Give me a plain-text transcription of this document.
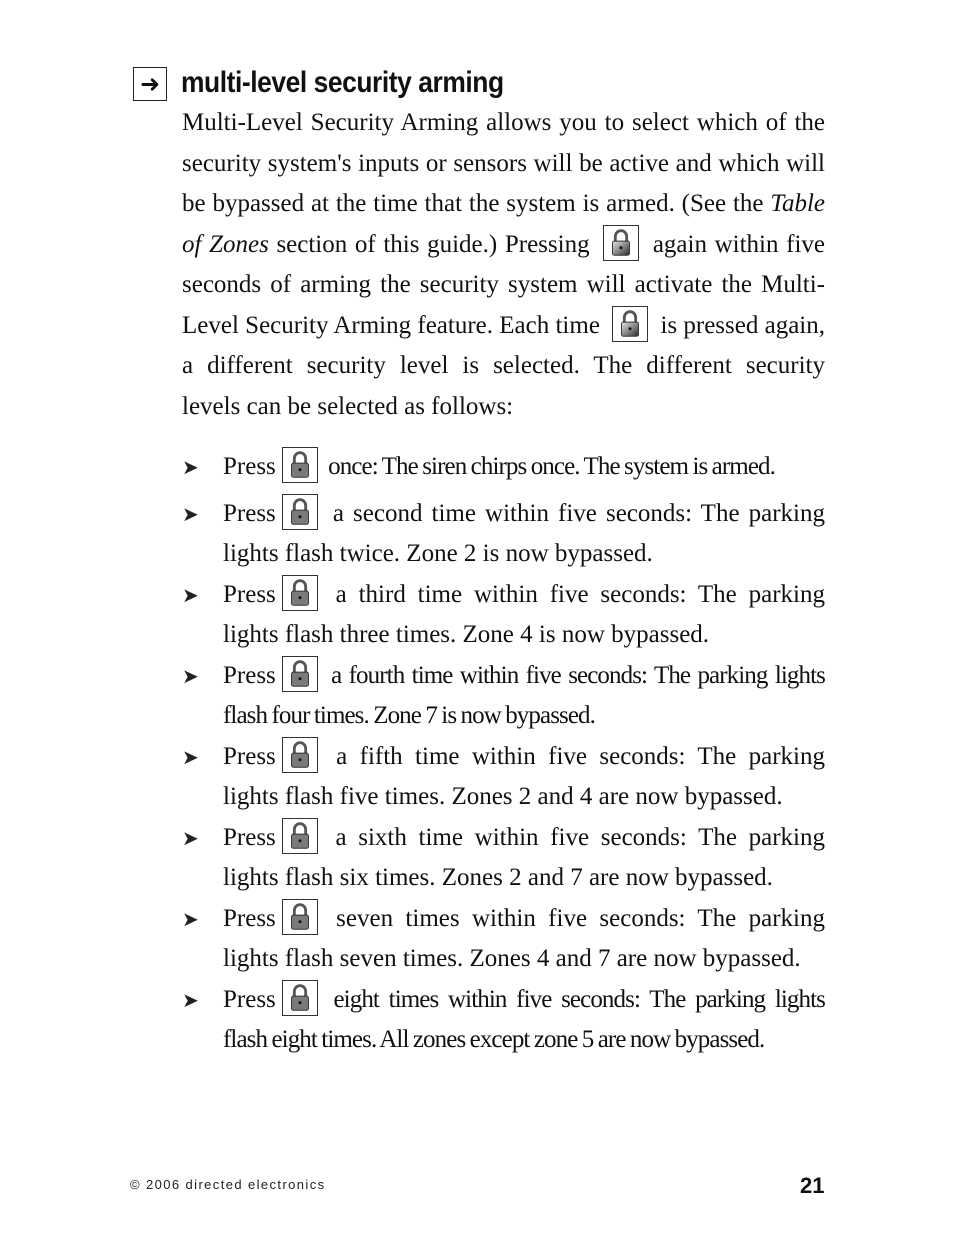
➜ multi-level security arming

Multi-Level Security Arming allows you to select which of the security system's inputs or sensors will be active and which will be bypassed at the time that the system is armed. (See the Table of Zones section of this guide.) Pressing
again within five seconds of arming the security system will activate the Multi-Level Security Arming feature. Each time
is pressed again, a different security level is selected. The different security levels can be selected as follows:

➤ Press
once: The siren chirps once. The system is armed.
➤ Press
a second time within five seconds: The parking lights flash twice. Zone 2 is now bypassed.
➤ Press
a third time within five seconds: The parking lights flash three times. Zone 4 is now bypassed.
➤ Press
a fourth time within five seconds: The parking lights flash four times. Zone 7 is now bypassed.
➤ Press
a fifth time within five seconds: The parking lights flash five times. Zones 2 and 4 are now bypassed.
➤ Press
a sixth time within five seconds: The parking lights flash six times. Zones 2 and 7 are now bypassed.
➤ Press
seven times within five seconds: The parking lights flash seven times. Zones 4 and 7 are now bypassed.
➤ Press
eight times within five seconds: The parking lights flash eight times. All zones except zone 5 are now bypassed.
© 2006 directed electronics	21
